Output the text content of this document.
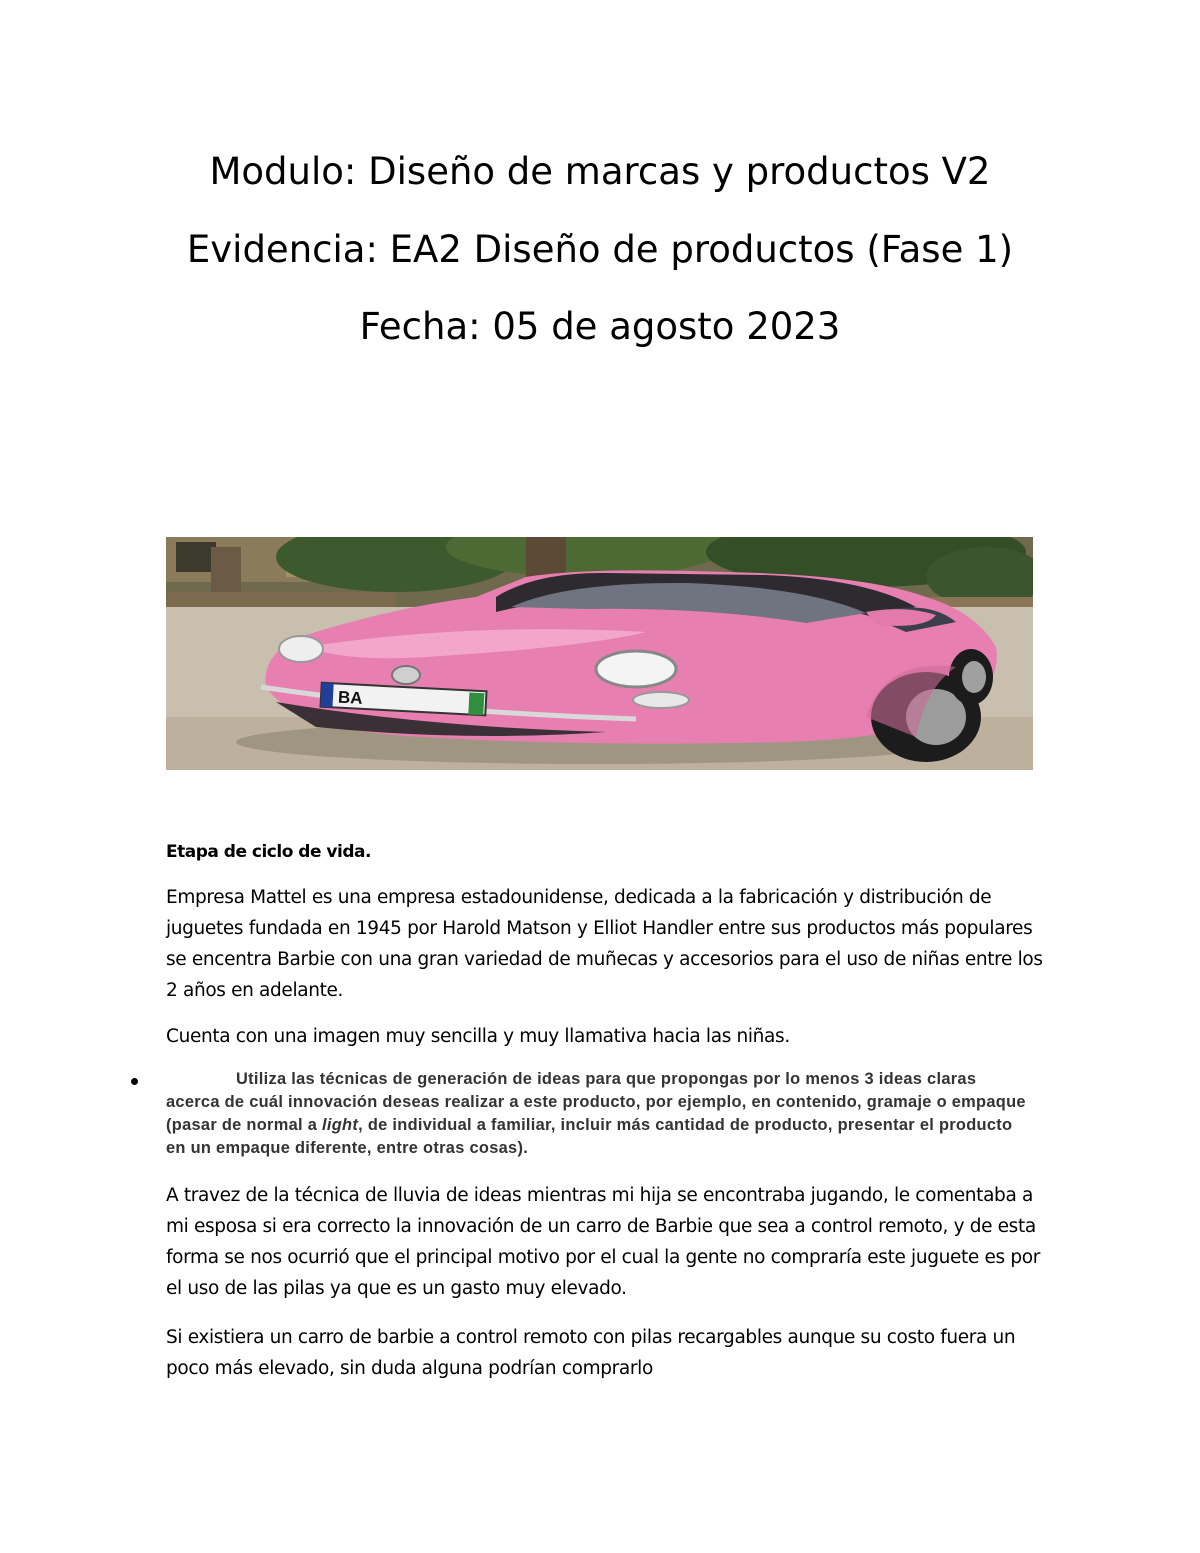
Modulo: Diseño de marcas y productos V2
Evidencia: EA2 Diseño de productos (Fase 1)
Fecha: 05 de agosto 2023
BA
Etapa de ciclo de vida.
Empresa Mattel es una empresa estadounidense, dedicada a la fabricación y distribución de juguetes fundada en 1945 por Harold Matson y Elliot Handler entre sus productos más populares se encentra Barbie con una gran variedad de muñecas y accesorios para el uso de niñas entre los 2 años en adelante.
Cuenta con una imagen muy sencilla y muy llamativa hacia las niñas.
Utiliza las técnicas de generación de ideas para que propongas por lo menos 3 ideas claras acerca de cuál innovación deseas realizar a este producto, por ejemplo, en contenido, gramaje o empaque (pasar de normal a light, de individual a familiar, incluir más cantidad de producto, presentar el producto en un empaque diferente, entre otras cosas).
A travez de la técnica de lluvia de ideas mientras mi hija se encontraba jugando, le comentaba a mi esposa si era correcto la innovación de un carro de Barbie que sea a control remoto, y de esta forma se nos ocurrió que el principal motivo por el cual la gente no compraría este juguete es por el uso de las pilas ya que es un gasto muy elevado.
Si existiera un carro de barbie a control remoto con pilas recargables aunque su costo fuera un poco más elevado, sin duda alguna podrían comprarlo
